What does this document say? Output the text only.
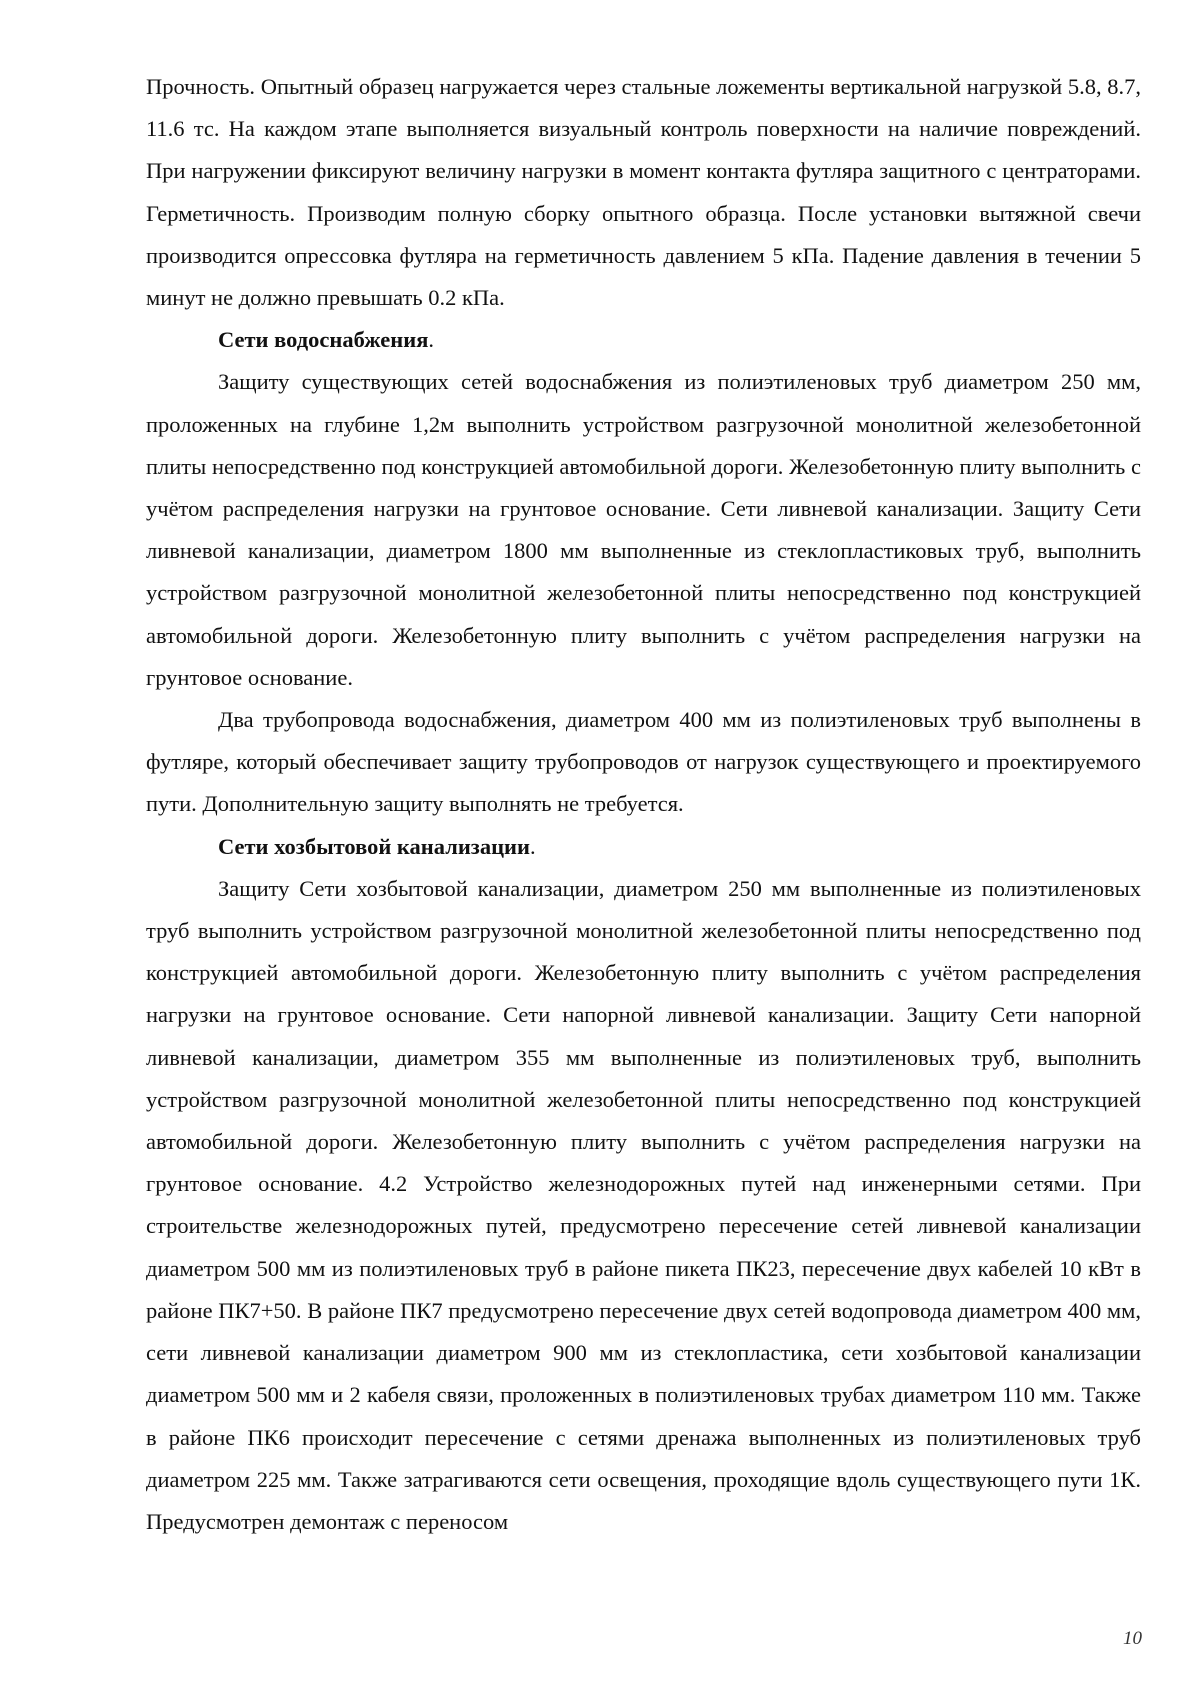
Прочность. Опытный образец нагружается через стальные ложементы вертикальной нагрузкой 5.8, 8.7, 11.6 тс. На каждом этапе выполняется визуальный контроль поверхности на наличие повреждений. При нагружении фиксируют величину нагрузки в момент контакта футляра защитного с центраторами. Герметичность. Производим полную сборку опытного образца. После установки вытяжной свечи производится опрессовка футляра на герметичность давлением 5 кПа. Падение давления в течении 5 минут не должно превышать 0.2 кПа.

Сети водоснабжения.

Защиту существующих сетей водоснабжения из полиэтиленовых труб диаметром 250 мм, проложенных на глубине 1,2м выполнить устройством разгрузочной монолитной железобетонной плиты непосредственно под конструкцией автомобильной дороги. Железобетонную плиту выполнить с учётом распределения нагрузки на грунтовое основание. Сети ливневой канализации. Защиту Сети ливневой канализации, диаметром 1800 мм выполненные из стеклопластиковых труб, выполнить устройством разгрузочной монолитной железобетонной плиты непосредственно под конструкцией автомобильной дороги. Железобетонную плиту выполнить с учётом распределения нагрузки на грунтовое основание.

Два трубопровода водоснабжения, диаметром 400 мм из полиэтиленовых труб выполнены в футляре, который обеспечивает защиту трубопроводов от нагрузок существующего и проектируемого пути. Дополнительную защиту выполнять не требуется.

Сети хозбытовой канализации.

Защиту Сети хозбытовой канализации, диаметром 250 мм выполненные из полиэтиленовых труб выполнить устройством разгрузочной монолитной железобетонной плиты непосредственно под конструкцией автомобильной дороги. Железобетонную плиту выполнить с учётом распределения нагрузки на грунтовое основание. Сети напорной ливневой канализации. Защиту Сети напорной ливневой канализации, диаметром 355 мм выполненные из полиэтиленовых труб, выполнить устройством разгрузочной монолитной железобетонной плиты непосредственно под конструкцией автомобильной дороги. Железобетонную плиту выполнить с учётом распределения нагрузки на грунтовое основание. 4.2 Устройство железнодорожных путей над инженерными сетями. При строительстве железнодорожных путей, предусмотрено пересечение сетей ливневой канализации диаметром 500 мм из полиэтиленовых труб в районе пикета ПК23, пересечение двух кабелей 10 кВт в районе ПК7+50. В районе ПК7 предусмотрено пересечение двух сетей водопровода диаметром 400 мм, сети ливневой канализации диаметром 900 мм из стеклопластика, сети хозбытовой канализации диаметром 500 мм и 2 кабеля связи, проложенных в полиэтиленовых трубах диаметром 110 мм. Также в районе ПК6 происходит пересечение с сетями дренажа выполненных из полиэтиленовых труб диаметром 225 мм. Также затрагиваются сети освещения, проходящие вдоль существующего пути 1К. Предусмотрен демонтаж с переносом

10
